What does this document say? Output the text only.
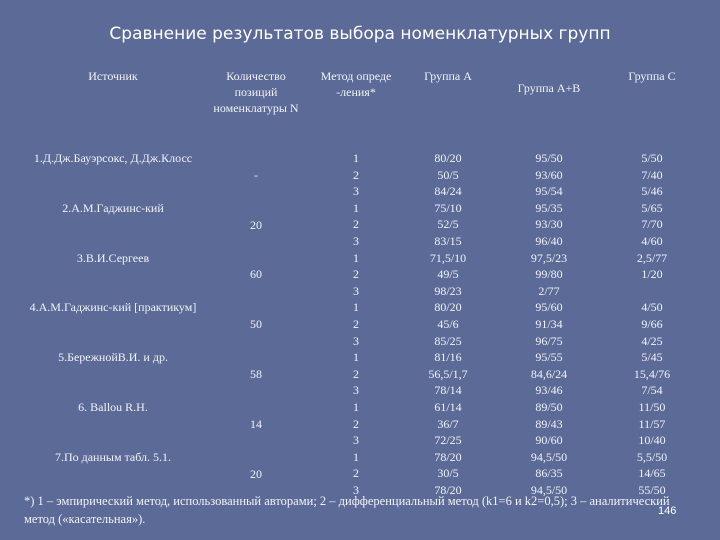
Сравнение результатов выбора номенклатурных групп
Источник	Количество позиций номенклатуры N	Метод опреде -ления*	Группа А	Группа А+В	Группа С
1.Д.Дж.Бауэрсокс, Д.Дж.Клосс	-	1	80/20	95/50	5/50
		2	50/5	93/60	7/40
		3	84/24	95/54	5/46
2.А.М.Гаджинс-кий	20	1	75/10	95/35	5/65
		2	52/5	93/30	7/70
		3	83/15	96/40	4/60
3.В.И.Сергеев	60	1	71,5/10	97,5/23	2,5/77
		2	49/5	99/80	1/20
		3	98/23	2/77	
4.А.М.Гаджинс-кий [практикум]	50	1	80/20	95/60	4/50
		2	45/6	91/34	9/66
		3	85/25	96/75	4/25
5.БережнойВ.И. и др.	58	1	81/16	95/55	5/45
		2	56,5/1,7	84,6/24	15,4/76
		3	78/14	93/46	7/54
6. Ballou R.H.	14	1	61/14	89/50	11/50
		2	36/7	89/43	11/57
		3	72/25	90/60	10/40
7.По данным табл. 5.1.	20	1	78/20	94,5/50	5,5/50
		2	30/5	86/35	14/65
		3	78/20	94,5/50	55/50
*) 1 – эмпирический метод, использованный авторами; 2 – дифференциальный метод (k1=6 и k2=0,5); 3 – аналитический метод («касательная»).
146
